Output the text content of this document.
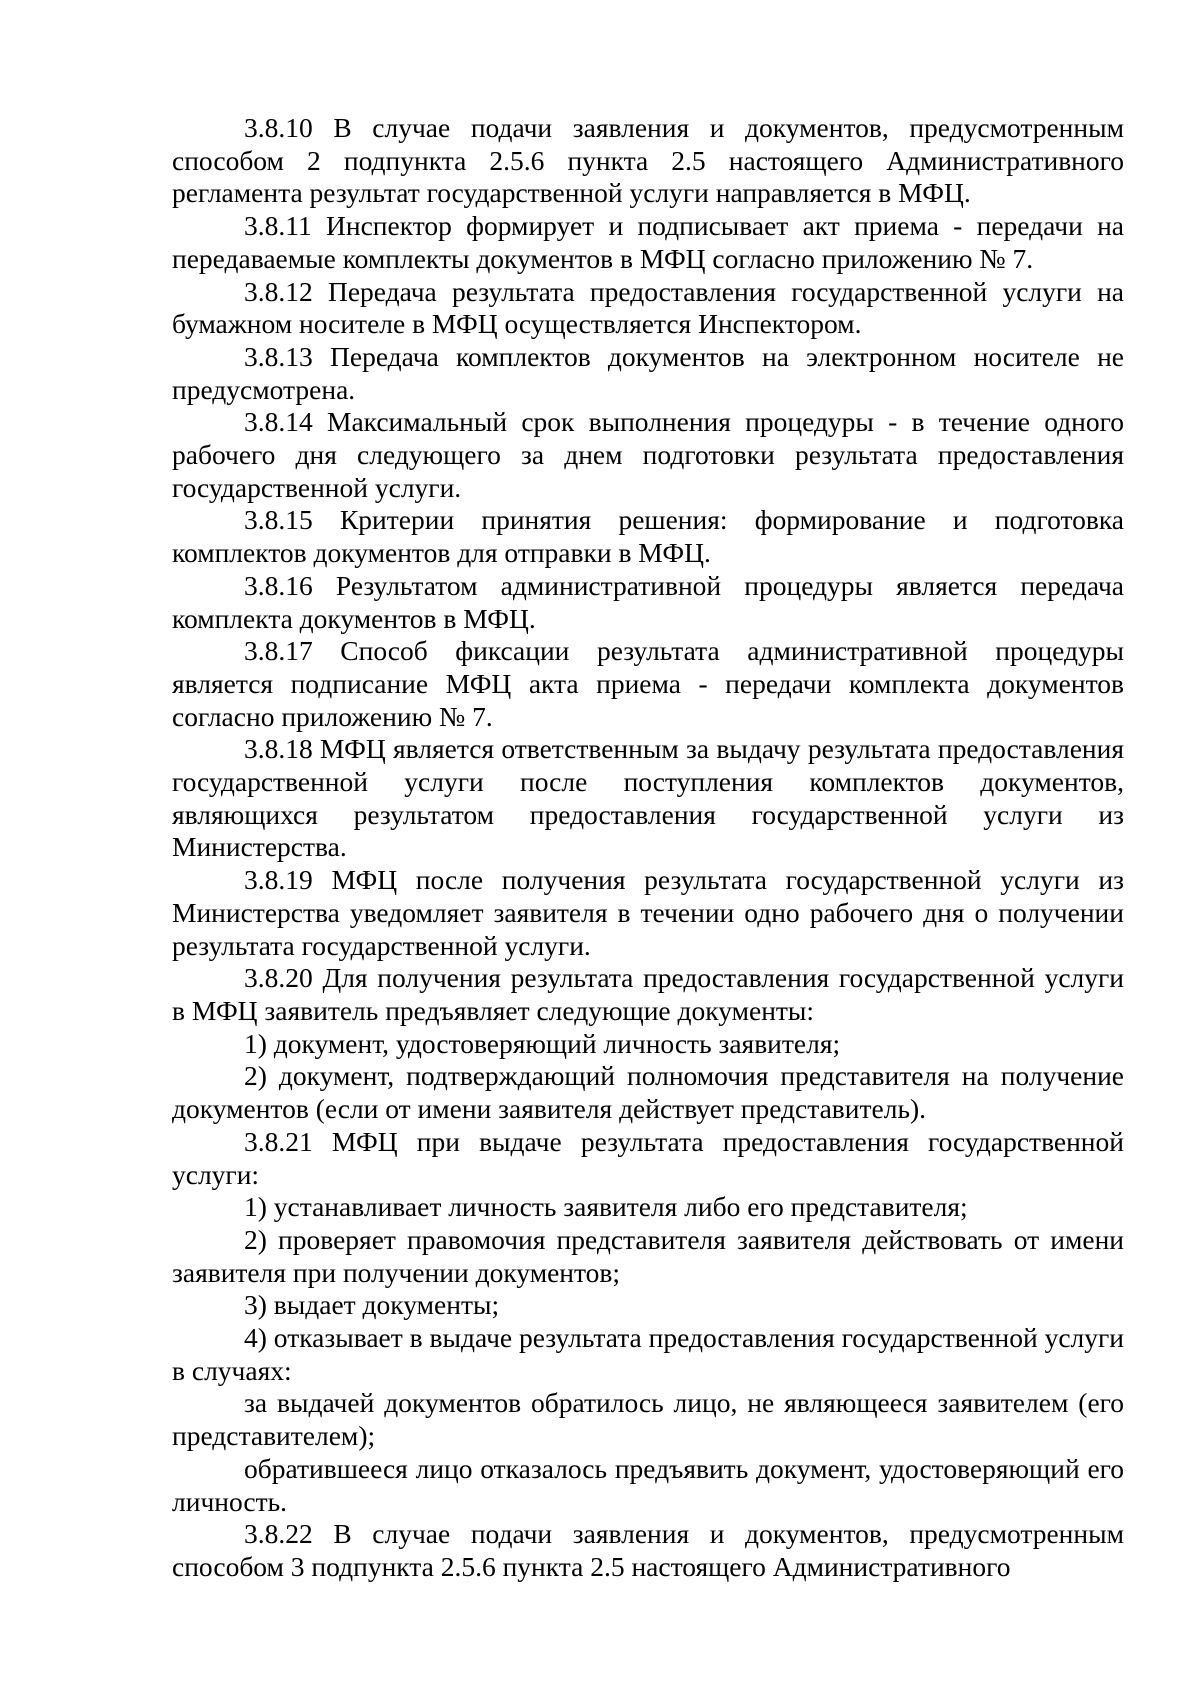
3.8.10 В случае подачи заявления и документов, предусмотренным способом 2 подпункта 2.5.6 пункта 2.5 настоящего Административного регламента результат государственной услуги направляется в МФЦ.

3.8.11 Инспектор формирует и подписывает акт приема - передачи на передаваемые комплекты документов в МФЦ согласно приложению № 7.

3.8.12 Передача результата предоставления государственной услуги на бумажном носителе в МФЦ осуществляется Инспектором.

3.8.13 Передача комплектов документов на электронном носителе не предусмотрена.

3.8.14 Максимальный срок выполнения процедуры - в течение одного рабочего дня следующего за днем подготовки результата предоставления государственной услуги.

3.8.15 Критерии принятия решения: формирование и подготовка комплектов документов для отправки в МФЦ.

3.8.16 Результатом административной процедуры является передача комплекта документов в МФЦ.

3.8.17 Способ фиксации результата административной процедуры является подписание МФЦ акта приема - передачи комплекта документов согласно приложению № 7.

3.8.18 МФЦ является ответственным за выдачу результата предоставления государственной услуги после поступления комплектов документов, являющихся результатом предоставления государственной услуги из Министерства.

3.8.19 МФЦ после получения результата государственной услуги из Министерства уведомляет заявителя в течении одно рабочего дня о получении результата государственной услуги.

3.8.20 Для получения результата предоставления государственной услуги в МФЦ заявитель предъявляет следующие документы:

1) документ, удостоверяющий личность заявителя;

2) документ, подтверждающий полномочия представителя на получение документов (если от имени заявителя действует представитель).

3.8.21 МФЦ при выдаче результата предоставления государственной услуги:

1) устанавливает личность заявителя либо его представителя;

2) проверяет правомочия представителя заявителя действовать от имени заявителя при получении документов;

3) выдает документы;

4) отказывает в выдаче результата предоставления государственной услуги в случаях:

за выдачей документов обратилось лицо, не являющееся заявителем (его представителем);

обратившееся лицо отказалось предъявить документ, удостоверяющий его личность.

3.8.22 В случае подачи заявления и документов, предусмотренным способом 3 подпункта 2.5.6 пункта 2.5 настоящего Административного
